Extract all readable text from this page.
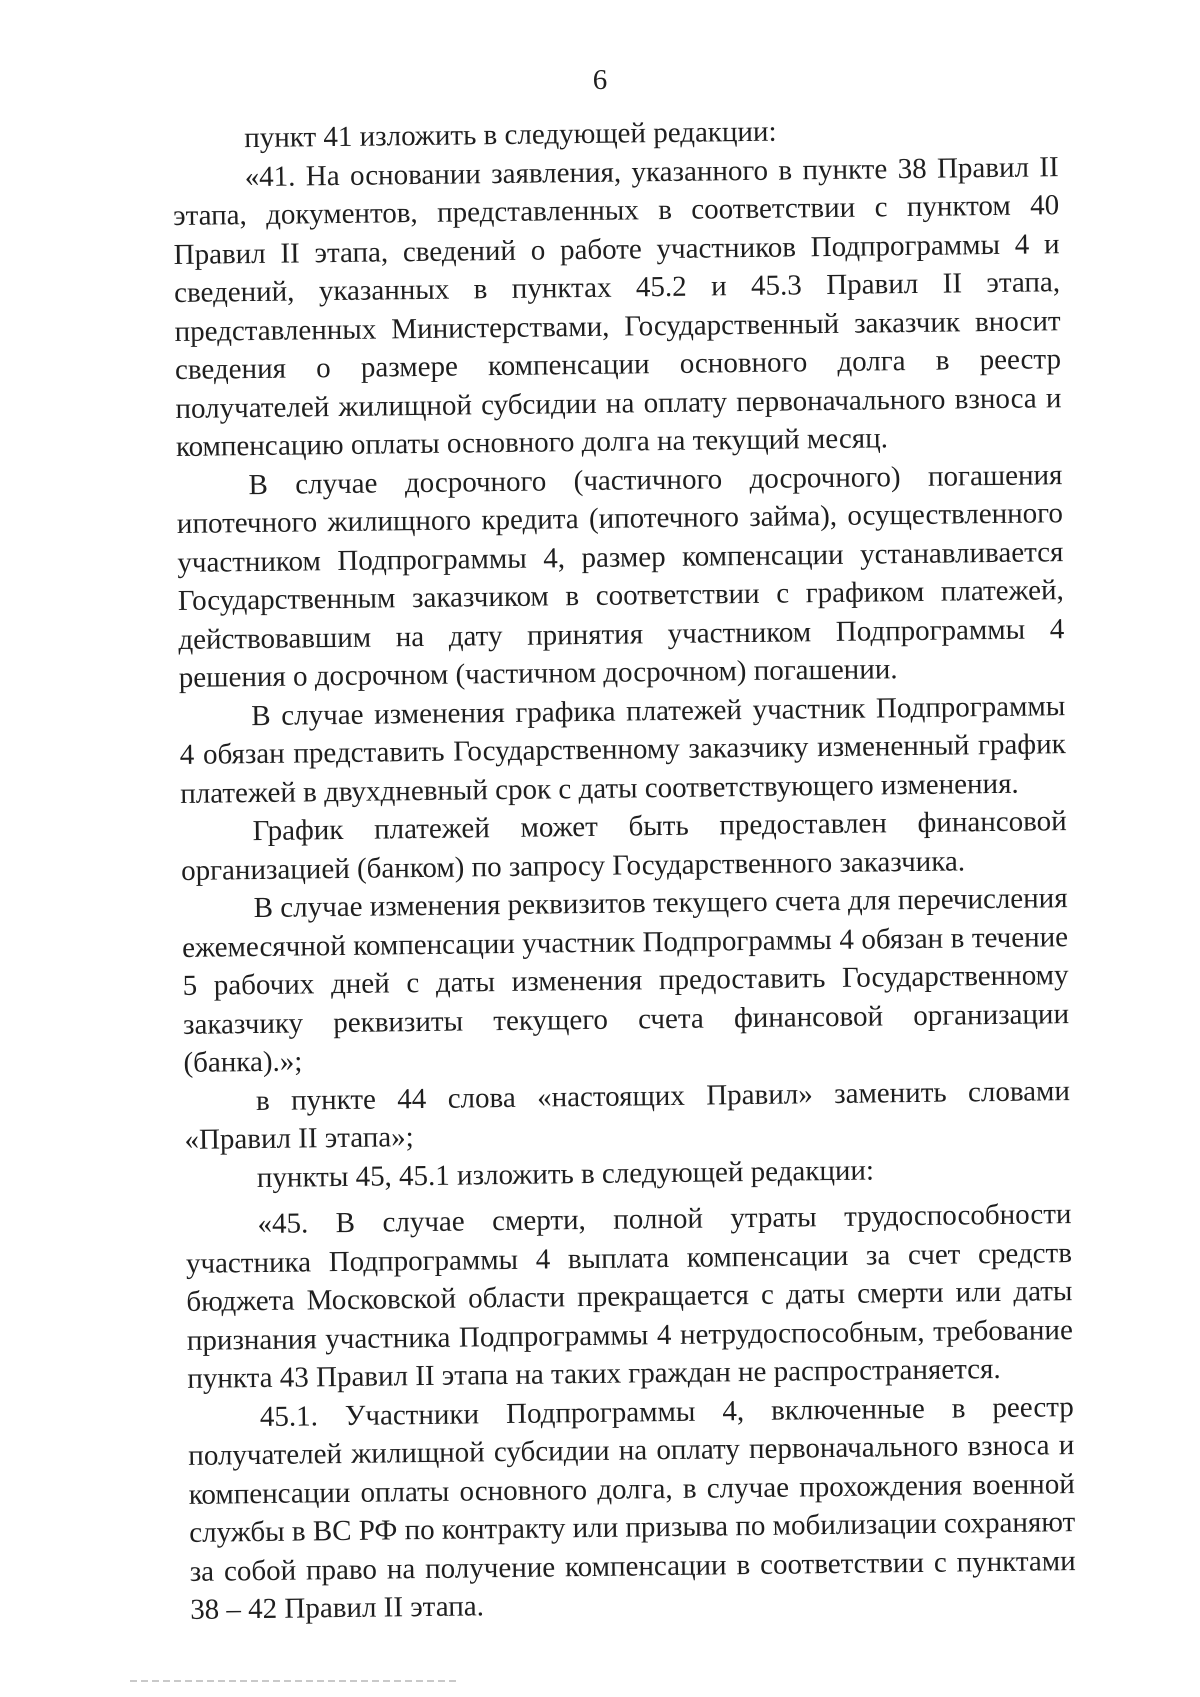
6

пункт 41 изложить в следующей редакции:

«41. На основании заявления, указанного в пункте 38 Правил II этапа, документов, представленных в соответствии с пунктом 40 Правил II этапа, сведений о работе участников Подпрограммы 4 и сведений, указанных в пунктах 45.2 и 45.3 Правил II этапа, представленных Министерствами, Государственный заказчик вносит сведения о размере компенсации основного долга в реестр получателей жилищной субсидии на оплату первоначального взноса и компенсацию оплаты основного долга на текущий месяц.

В случае досрочного (частичного досрочного) погашения ипотечного жилищного кредита (ипотечного займа), осуществленного участником Подпрограммы 4, размер компенсации устанавливается Государственным заказчиком в соответствии с графиком платежей, действовавшим на дату принятия участником Подпрограммы 4 решения о досрочном (частичном досрочном) погашении.

В случае изменения графика платежей участник Подпрограммы 4 обязан представить Государственному заказчику измененный график платежей в двухдневный срок с даты соответствующего изменения.

График платежей может быть предоставлен финансовой организацией (банком) по запросу Государственного заказчика.

В случае изменения реквизитов текущего счета для перечисления ежемесячной компенсации участник Подпрограммы 4 обязан в течение 5 рабочих дней с даты изменения предоставить Государственному заказчику реквизиты текущего счета финансовой организации (банка).»;

в пункте 44 слова «настоящих Правил» заменить словами «Правил II этапа»;

пункты 45, 45.1 изложить в следующей редакции:

«45. В случае смерти, полной утраты трудоспособности участника Подпрограммы 4 выплата компенсации за счет средств бюджета Московской области прекращается с даты смерти или даты признания участника Подпрограммы 4 нетрудоспособным, требование пункта 43 Правил II этапа на таких граждан не распространяется.

45.1. Участники Подпрограммы 4, включенные в реестр получателей жилищной субсидии на оплату первоначального взноса и компенсации оплаты основного долга, в случае прохождения военной службы в ВС РФ по контракту или призыва по мобилизации сохраняют за собой право на получение компенсации в соответствии с пунктами 38 – 42 Правил II этапа.
